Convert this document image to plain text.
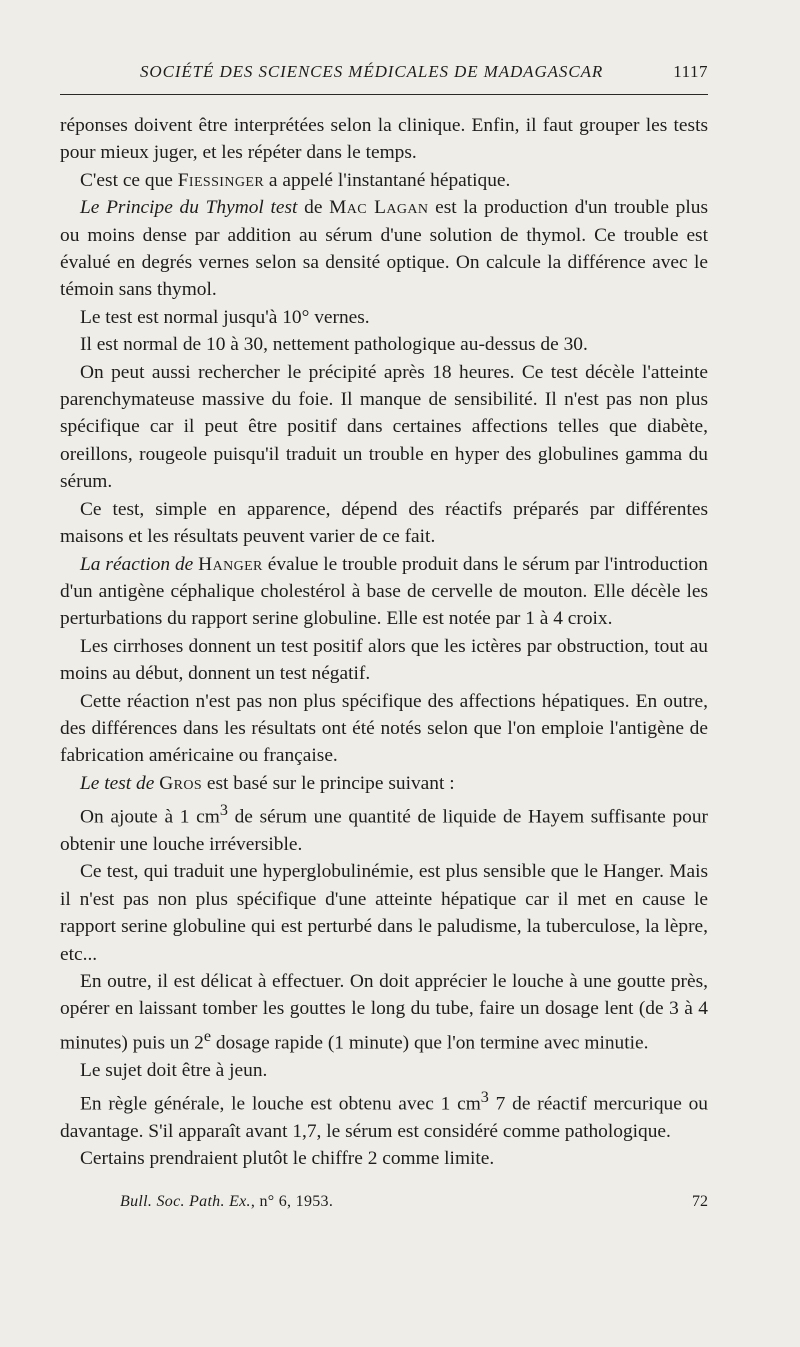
SOCIÉTÉ DES SCIENCES MÉDICALES DE MADAGASCAR	1117

réponses doivent être interprétées selon la clinique. Enfin, il faut grouper les tests pour mieux juger, et les répéter dans le temps.

C'est ce que Fiessinger a appelé l'instantané hépatique.

Le Principe du Thymol test de Mac Lagan est la production d'un trouble plus ou moins dense par addition au sérum d'une solution de thymol. Ce trouble est évalué en degrés vernes selon sa densité optique. On calcule la différence avec le témoin sans thymol.

Le test est normal jusqu'à 10° vernes.

Il est normal de 10 à 30, nettement pathologique au-dessus de 30.

On peut aussi rechercher le précipité après 18 heures. Ce test décèle l'atteinte parenchymateuse massive du foie. Il manque de sensibilité. Il n'est pas non plus spécifique car il peut être positif dans certaines affections telles que diabète, oreillons, rougeole puisqu'il traduit un trouble en hyper des globulines gamma du sérum.

Ce test, simple en apparence, dépend des réactifs préparés par différentes maisons et les résultats peuvent varier de ce fait.

La réaction de Hanger évalue le trouble produit dans le sérum par l'introduction d'un antigène céphalique cholestérol à base de cervelle de mouton. Elle décèle les perturbations du rapport serine globuline. Elle est notée par 1 à 4 croix.

Les cirrhoses donnent un test positif alors que les ictères par obstruction, tout au moins au début, donnent un test négatif.

Cette réaction n'est pas non plus spécifique des affections hépatiques. En outre, des différences dans les résultats ont été notés selon que l'on emploie l'antigène de fabrication américaine ou française.

Le test de Gros est basé sur le principe suivant :

On ajoute à 1 $cm^3$ de sérum une quantité de liquide de Hayem suffisante pour obtenir une louche irréversible.

Ce test, qui traduit une hyperglobulinémie, est plus sensible que le Hanger. Mais il n'est pas non plus spécifique d'une atteinte hépatique car il met en cause le rapport serine globuline qui est perturbé dans le paludisme, la tuberculose, la lèpre, etc...

En outre, il est délicat à effectuer. On doit apprécier le louche à une goutte près, opérer en laissant tomber les gouttes le long du tube, faire un dosage lent (de 3 à 4 minutes) puis un 2e dosage rapide (1 minute) que l'on termine avec minutie.

Le sujet doit être à jeun.

En règle générale, le louche est obtenu avec 1 $cm^3$ 7 de réactif mercurique ou davantage. S'il apparaît avant 1,7, le sérum est considéré comme pathologique.

Certains prendraient plutôt le chiffre 2 comme limite.

Bull. Soc. Path. Ex., n° 6, 1953.	72
